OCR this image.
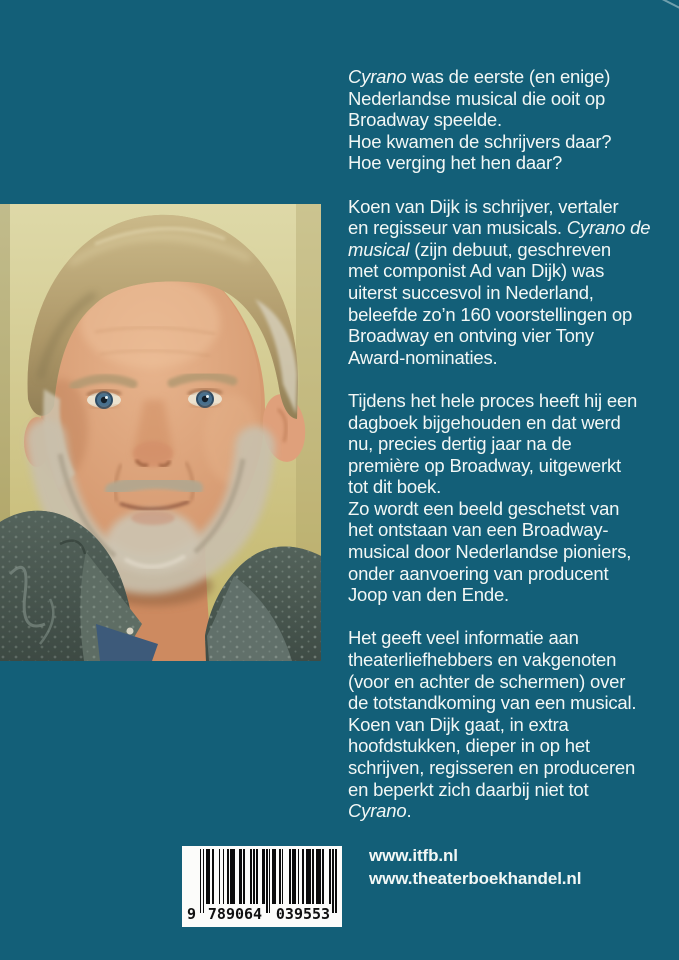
Cyrano was de eerste (en enige)
Nederlandse musical die ooit op
Broadway speelde.
Hoe kwamen de schrijvers daar?
Hoe verging het hen daar?
Koen van Dijk is schrijver, vertaler
en regisseur van musicals. Cyrano de
musical (zijn debuut, geschreven
met componist Ad van Dijk) was
uiterst succesvol in Nederland,
beleefde zo’n 160 voorstellingen op
Broadway en ontving vier Tony
Award-nominaties.
Tijdens het hele proces heeft hij een
dagboek bijgehouden en dat werd
nu, precies dertig jaar na de
première op Broadway, uitgewerkt
tot dit boek.
Zo wordt een beeld geschetst van
het ontstaan van een Broadway-
musical door Nederlandse pioniers,
onder aanvoering van producent
Joop van den Ende.
Het geeft veel informatie aan
theaterliefhebbers en vakgenoten
(voor en achter de schermen) over
de totstandkoming van een musical.
Koen van Dijk gaat, in extra
hoofdstukken, dieper in op het
schrijven, regisseren en produceren
en beperkt zich daarbij niet tot
Cyrano.
www.itfb.nl
www.theaterboekhandel.nl
9 789064 039553
